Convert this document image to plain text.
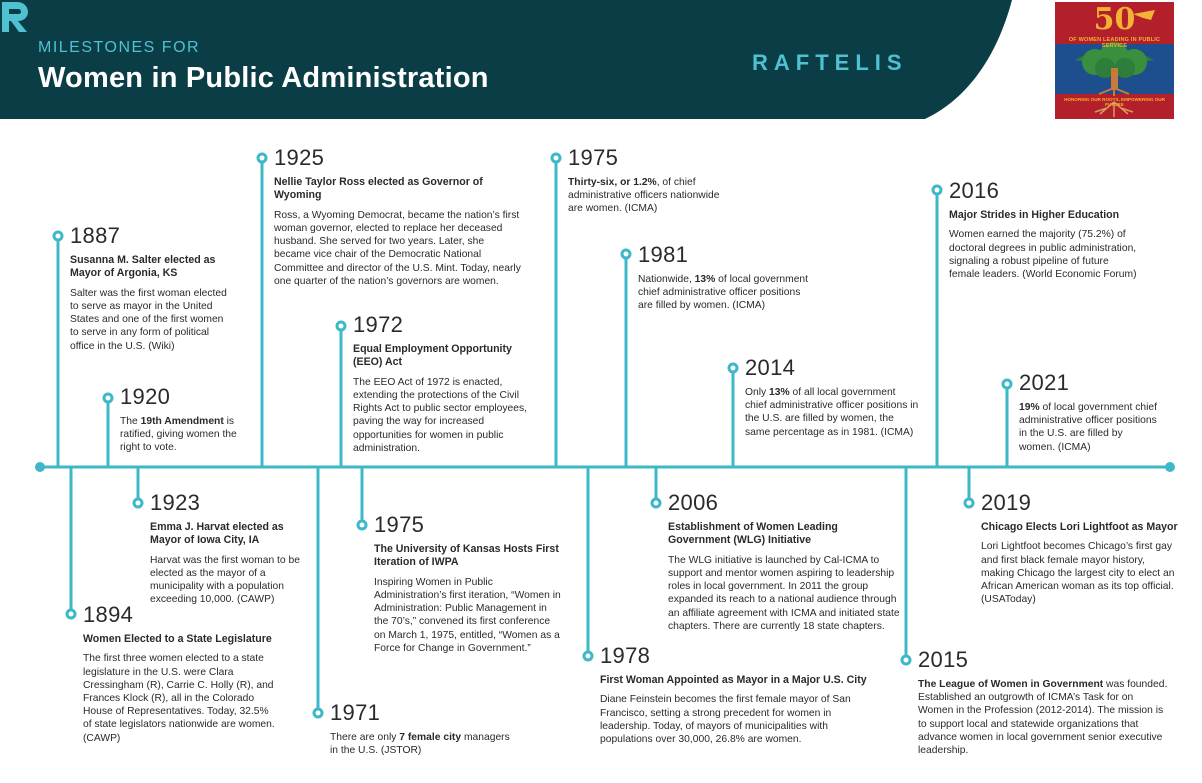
MILESTONES FOR
Women in Public Administration	RAFTELIS
50
OF WOMEN LEADING IN PUBLIC SERVICE
HONORING OUR ROOTS, EMPOWERING OUR FUTURE
1887
Susanna M. Salter elected as Mayor of Argonia, KS
Salter was the first woman elected to serve as mayor in the United States and one of the first women to serve in any form of political office in the U.S. (Wiki)
1920
The 19th Amendment is ratified, giving women the right to vote.
1925
Nellie Taylor Ross elected as Governor of Wyoming
Ross, a Wyoming Democrat, became the nation’s first woman governor, elected to replace her deceased husband. She served for two years. Later, she became vice chair of the Democratic National Committee and director of the U.S. Mint. Today, nearly one quarter of the nation’s governors are women.
1972
Equal Employment Opportunity (EEO) Act
The EEO Act of 1972 is enacted, extending the protections of the Civil Rights Act to public sector employees, paving the way for increased opportunities for women in public administration.
1975
Thirty-six, or 1.2%, of chief administrative officers nationwide are women. (ICMA)
1981
Nationwide, 13% of local government chief administrative officer positions are filled by women. (ICMA)
2014
Only 13% of all local government chief administrative officer positions in the U.S. are filled by women, the same percentage as in 1981. (ICMA)
2016
Major Strides in Higher Education
Women earned the majority (75.2%) of doctoral degrees in public administration, signaling a robust pipeline of future female leaders. (World Economic Forum)
2021
19% of local government chief administrative officer positions in the U.S. are filled by women. (ICMA)
1894
Women Elected to a State Legislature
The first three women elected to a state legislature in the U.S. were Clara Cressingham (R), Carrie C. Holly (R), and Frances Klock (R), all in the Colorado House of Representatives. Today, 32.5% of state legislators nationwide are women. (CAWP)
1923
Emma J. Harvat elected as Mayor of Iowa City, IA
Harvat was the first woman to be elected as the mayor of a municipality with a population exceeding 10,000. (CAWP)
1971
There are only 7 female city managers in the U.S. (JSTOR)
1975
The University of Kansas Hosts First Iteration of IWPA
Inspiring Women in Public Administration’s first iteration, “Women in Administration: Public Management in the 70’s,” convened its first conference on March 1, 1975, entitled, “Women as a Force for Change in Government.”	1978
First Woman Appointed as Mayor in a Major U.S. City
Diane Feinstein becomes the first female mayor of San Francisco, setting a strong precedent for women in leadership. Today, of mayors of municipalities with populations over 30,000, 26.8% are women.
2006
Establishment of Women Leading Government (WLG) Initiative
The WLG initiative is launched by Cal-ICMA to support and mentor women aspiring to leadership roles in local government. In 2011 the group expanded its reach to a national audience through an affiliate agreement with ICMA and initiated state chapters. There are currently 18 state chapters.
2015
The League of Women in Government was founded. Established an outgrowth of ICMA’s Task for on Women in the Profession (2012-2014). The mission is to support local and statewide organizations that advance women in local government senior executive leadership.
2019
Chicago Elects Lori Lightfoot as Mayor
Lori Lightfoot becomes Chicago’s first gay and first black female mayor history, making Chicago the largest city to elect an African American woman as its top official. (USAToday)
